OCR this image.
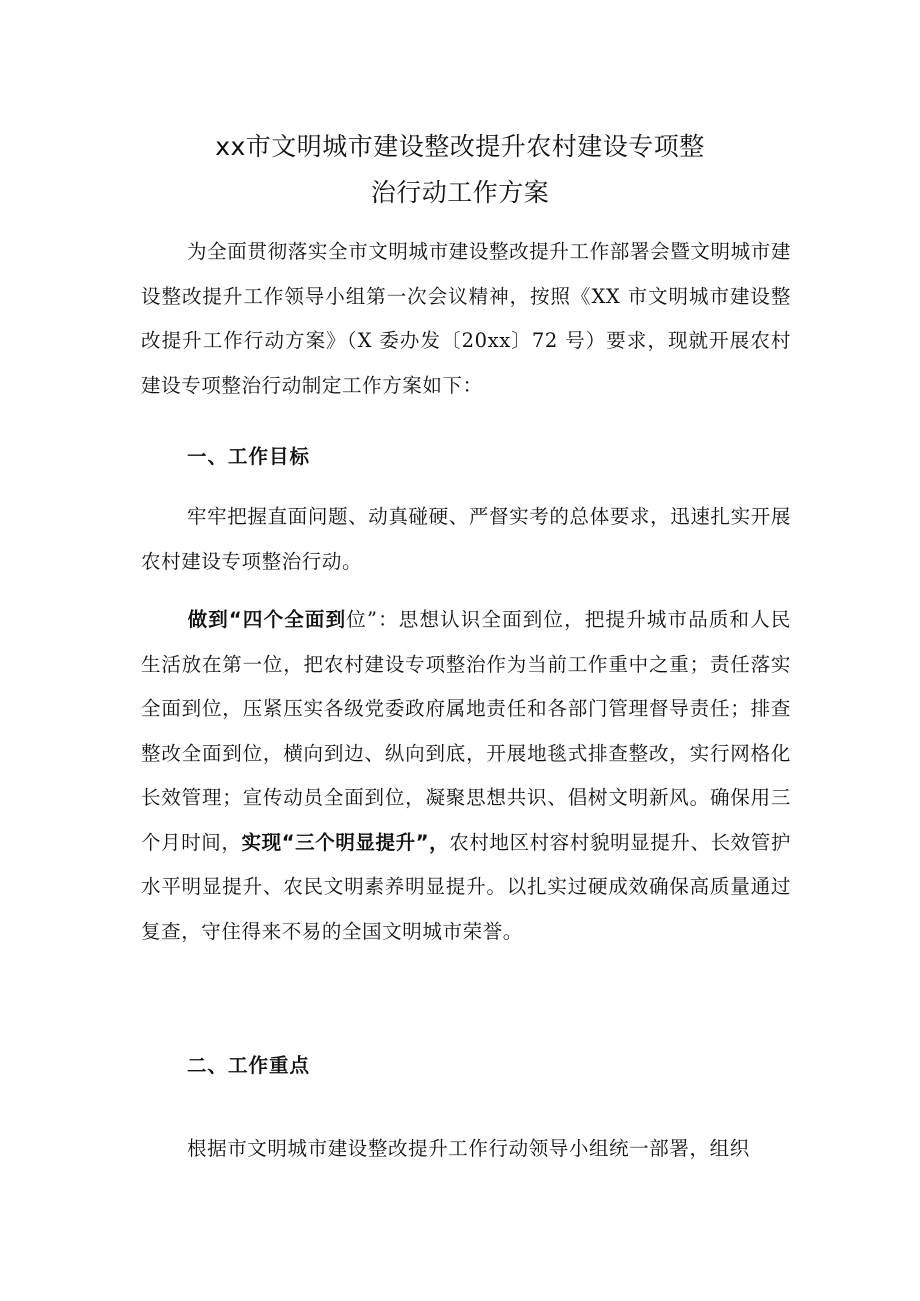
xx市文明城市建设整改提升农村建设专项整
治行动工作方案

为全面贯彻落实全市文明城市建设整改提升工作部署会暨文明城市建设整改提升工作领导小组第一次会议精神，按照《XX 市文明城市建设整改提升工作行动方案》（X 委办发〔20xx〕72 号）要求，现就开展农村建设专项整治行动制定工作方案如下：

一、工作目标

牢牢把握直面问题、动真碰硬、严督实考的总体要求，迅速扎实开展农村建设专项整治行动。

做到“四个全面到位”：思想认识全面到位，把提升城市品质和人民生活放在第一位，把农村建设专项整治作为当前工作重中之重；责任落实全面到位，压紧压实各级党委政府属地责任和各部门管理督导责任；排查整改全面到位，横向到边、纵向到底，开展地毯式排查整改，实行网格化长效管理；宣传动员全面到位，凝聚思想共识、倡树文明新风。确保用三个月时间，实现“三个明显提升”，农村地区村容村貌明显提升、长效管护水平明显提升、农民文明素养明显提升。以扎实过硬成效确保高质量通过复查，守住得来不易的全国文明城市荣誉。

二、工作重点

根据市文明城市建设整改提升工作行动领导小组统一部署，组织
